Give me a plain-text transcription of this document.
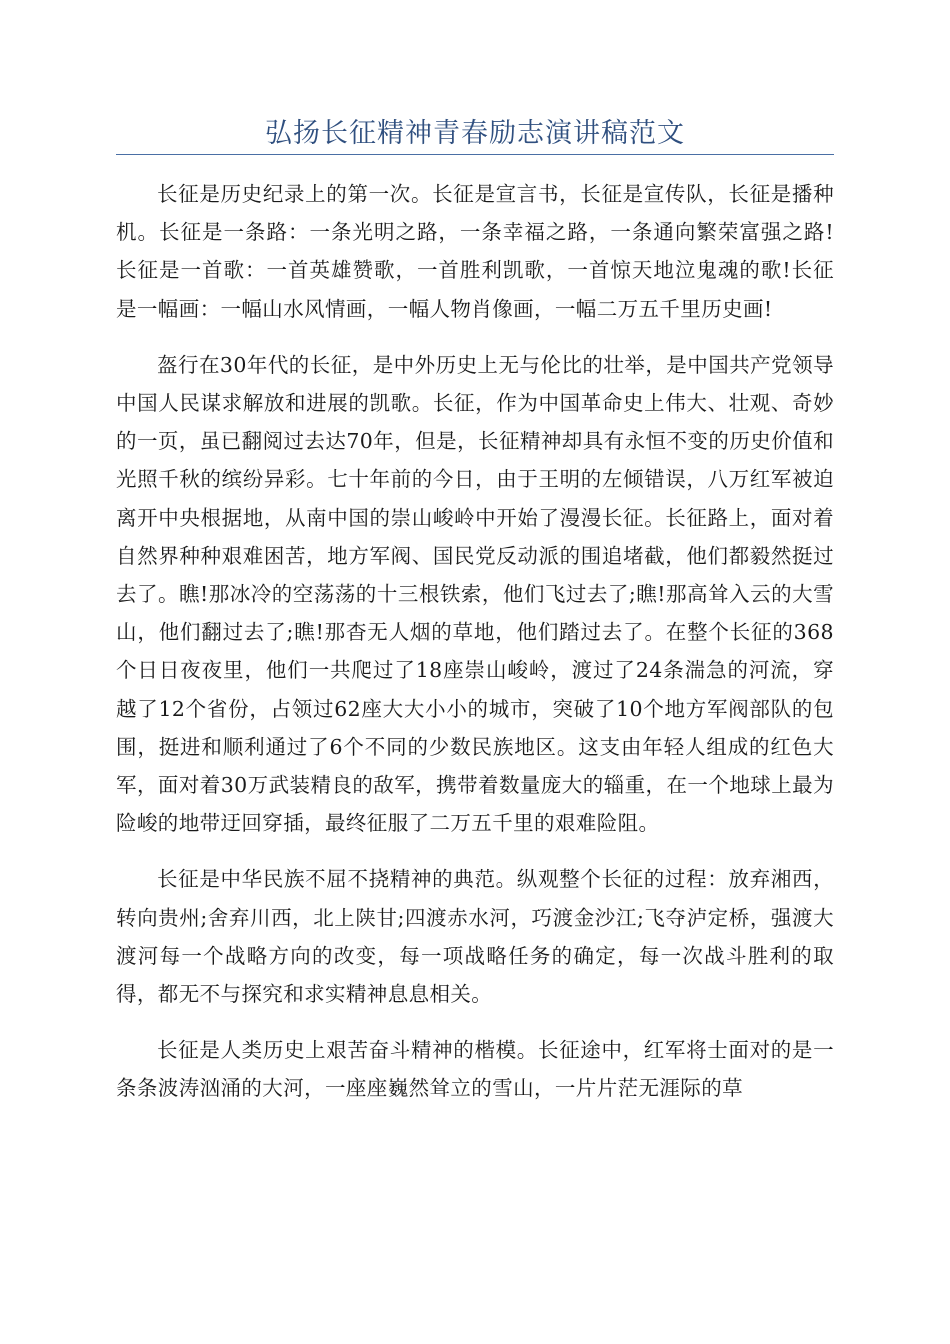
弘扬长征精神青春励志演讲稿范文

长征是历史纪录上的第一次。长征是宣言书，长征是宣传队，长征是播种机。长征是一条路：一条光明之路，一条幸福之路，一条通向繁荣富强之路!长征是一首歌：一首英雄赞歌，一首胜利凯歌，一首惊天地泣鬼魂的歌!长征是一幅画：一幅山水风情画，一幅人物肖像画，一幅二万五千里历史画!

盔行在30年代的长征，是中外历史上无与伦比的壮举，是中国共产党领导中国人民谋求解放和进展的凯歌。长征，作为中国革命史上伟大、壮观、奇妙的一页，虽已翻阅过去达70年，但是，长征精神却具有永恒不变的历史价值和光照千秋的缤纷异彩。七十年前的今日，由于王明的左倾错误，八万红军被迫离开中央根据地，从南中国的崇山峻岭中开始了漫漫长征。长征路上，面对着自然界种种艰难困苦，地方军阀、国民党反动派的围追堵截，他们都毅然挺过去了。瞧!那冰冷的空荡荡的十三根铁索，他们飞过去了;瞧!那高耸入云的大雪山，他们翻过去了;瞧!那杳无人烟的草地，他们踏过去了。在整个长征的368个日日夜夜里，他们一共爬过了18座崇山峻岭，渡过了24条湍急的河流，穿越了12个省份，占领过62座大大小小的城市，突破了10个地方军阀部队的包围，挺进和顺利通过了6个不同的少数民族地区。这支由年轻人组成的红色大军，面对着30万武装精良的敌军，携带着数量庞大的辎重，在一个地球上最为险峻的地带迂回穿插，最终征服了二万五千里的艰难险阻。

长征是中华民族不屈不挠精神的典范。纵观整个长征的过程：放弃湘西，转向贵州;舍弃川西，北上陕甘;四渡赤水河，巧渡金沙江;飞夺泸定桥，强渡大渡河每一个战略方向的改变，每一项战略任务的确定，每一次战斗胜利的取得，都无不与探究和求实精神息息相关。

长征是人类历史上艰苦奋斗精神的楷模。长征途中，红军将士面对的是一条条波涛汹涌的大河，一座座巍然耸立的雪山，一片片茫无涯际的草
